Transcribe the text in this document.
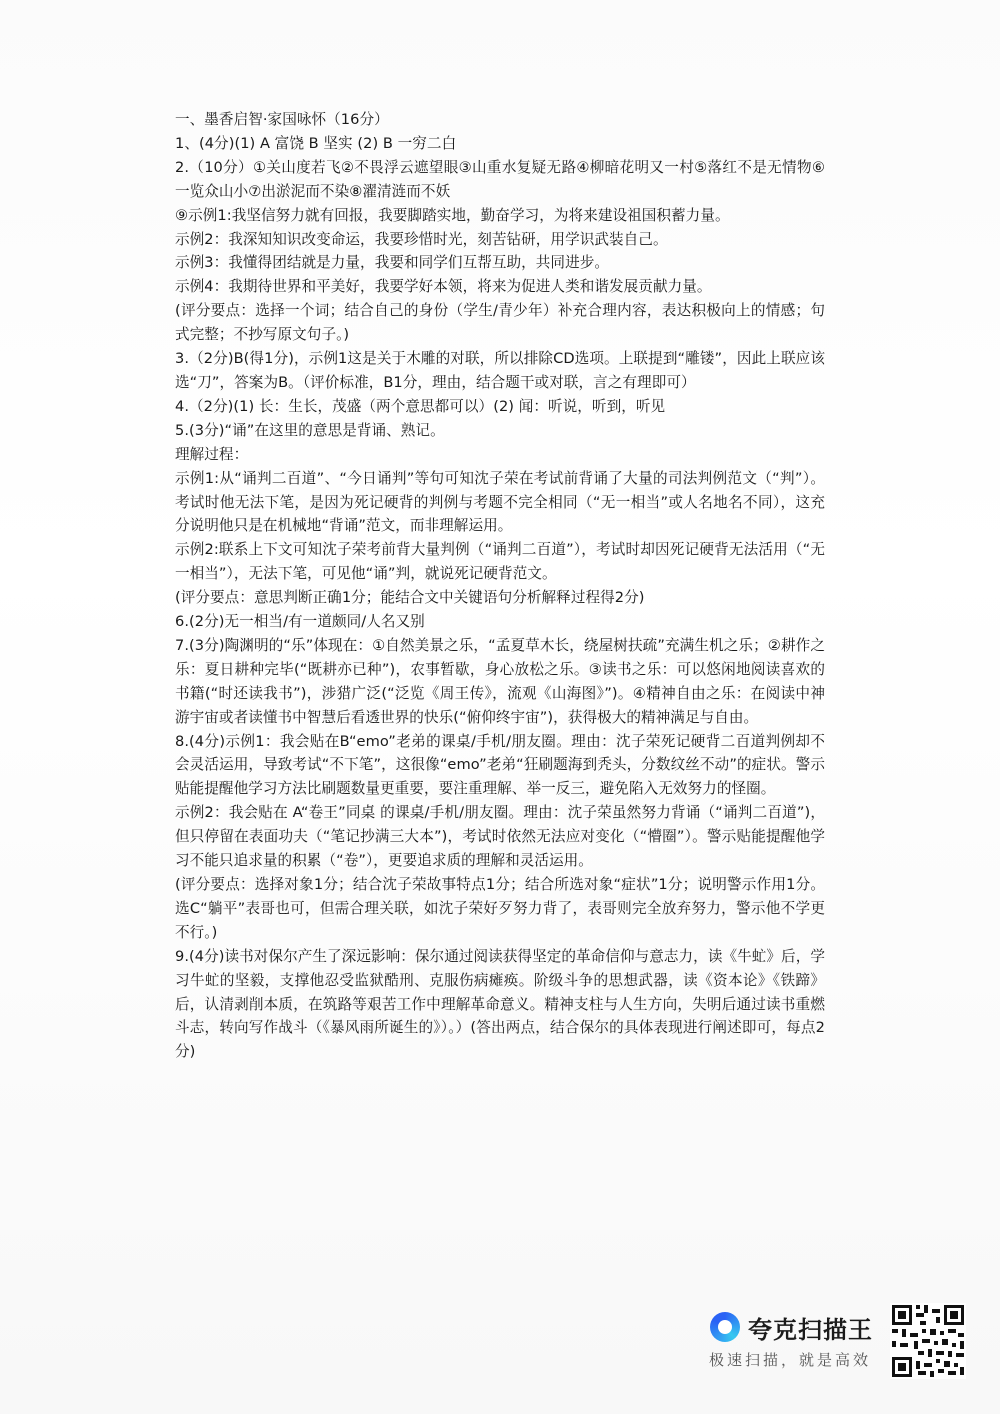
一、墨香启智·家国咏怀（16分）

1、(4分)(1) A 富饶 B 坚实 (2) B 一穷二白

2.（10分）①关山度若飞②不畏浮云遮望眼③山重水复疑无路④柳暗花明又一村⑤落红不是无情物⑥一览众山小⑦出淤泥而不染⑧濯清涟而不妖

⑨示例1:我坚信努力就有回报，我要脚踏实地，勤奋学习，为将来建设祖国积蓄力量。

示例2：我深知知识改变命运，我要珍惜时光，刻苦钻研，用学识武装自己。

示例3：我懂得团结就是力量，我要和同学们互帮互助，共同进步。

示例4：我期待世界和平美好，我要学好本领，将来为促进人类和谐发展贡献力量。

(评分要点：选择一个词；结合自己的身份（学生/青少年）补充合理内容，表达积极向上的情感；句式完整；不抄写原文句子。)

3.（2分)B(得1分)，示例1这是关于木雕的对联，所以排除CD选项。上联提到“雕镂”，因此上联应该选“刀”，答案为B。（评价标准，B1分，理由，结合题干或对联，言之有理即可）

4.（2分)(1) 长：生长，茂盛（两个意思都可以）(2) 闻：听说，听到，听见

5.(3分)“诵”在这里的意思是背诵、熟记。

理解过程：

示例1:从“诵判二百道”、“今日诵判”等句可知沈子荣在考试前背诵了大量的司法判例范文（“判”）。考试时他无法下笔，是因为死记硬背的判例与考题不完全相同（“无一相当”或人名地名不同），这充分说明他只是在机械地“背诵”范文，而非理解运用。

示例2:联系上下文可知沈子荣考前背大量判例（“诵判二百道”），考试时却因死记硬背无法活用（“无一相当”），无法下笔，可见他“诵”判，就说死记硬背范文。

(评分要点：意思判断正确1分；能结合文中关键语句分析解释过程得2分)

6.(2分)无一相当/有一道颇同/人名又别

7.(3分)陶渊明的“乐”体现在：①自然美景之乐，“孟夏草木长，绕屋树扶疏”充满生机之乐；②耕作之乐：夏日耕种完毕(“既耕亦已种”)，农事暂歇，身心放松之乐。③读书之乐：可以悠闲地阅读喜欢的书籍(“时还读我书”)，涉猎广泛(“泛览《周王传》，流观《山海图》”)。④精神自由之乐：在阅读中神游宇宙或者读懂书中智慧后看透世界的快乐(“俯仰终宇宙”)，获得极大的精神满足与自由。

8.(4分)示例1：我会贴在B“emo”老弟的课桌/手机/朋友圈。理由：沈子荣死记硬背二百道判例却不会灵活运用，导致考试“不下笔”，这很像“emo”老弟“狂刷题海到秃头，分数纹丝不动”的症状。警示贴能提醒他学习方法比刷题数量更重要，要注重理解、举一反三，避免陷入无效努力的怪圈。

示例2：我会贴在 A“卷王”同桌 的课桌/手机/朋友圈。理由：沈子荣虽然努力背诵（“诵判二百道”)，但只停留在表面功夫（“笔记抄满三大本”)，考试时依然无法应对变化（“懵圈”）。警示贴能提醒他学习不能只追求量的积累（“卷”），更要追求质的理解和灵活运用。

(评分要点：选择对象1分；结合沈子荣故事特点1分；结合所选对象“症状”1分；说明警示作用1分。选C“躺平”表哥也可，但需合理关联，如沈子荣好歹努力背了，表哥则完全放弃努力，警示他不学更不行。)

9.(4分)读书对保尔产生了深远影响：保尔通过阅读获得坚定的革命信仰与意志力，读《牛虻》后，学习牛虻的坚毅，支撑他忍受监狱酷刑、克服伤病瘫痪。阶级斗争的思想武器，读《资本论》《铁蹄》后，认清剥削本质，在筑路等艰苦工作中理解革命意义。精神支柱与人生方向，失明后通过读书重燃斗志，转向写作战斗（《暴风雨所诞生的》）。）(答出两点，结合保尔的具体表现进行阐述即可，每点2分)

夸克扫描王
极速扫描，就是高效
